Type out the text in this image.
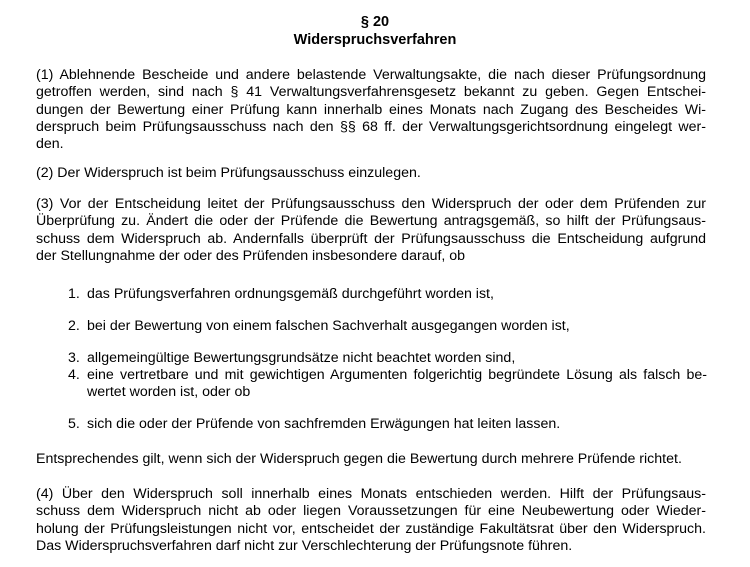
§ 20
Widerspruchsverfahren
(1) Ablehnende Bescheide und andere belastende Verwaltungsakte, die nach dieser Prüfungsordnung
getroffen werden, sind nach § 41 Verwaltungsverfahrensgesetz bekannt zu geben. Gegen Entschei-
dungen der Bewertung einer Prüfung kann innerhalb eines Monats nach Zugang des Bescheides Wi-
derspruch beim Prüfungsausschuss nach den §§ 68 ff. der Verwaltungsgerichtsordnung eingelegt wer-
den.
(2) Der Widerspruch ist beim Prüfungsausschuss einzulegen.
(3) Vor der Entscheidung leitet der Prüfungsausschuss den Widerspruch der oder dem Prüfenden zur
Überprüfung zu. Ändert die oder der Prüfende die Bewertung antragsgemäß, so hilft der Prüfungsaus-
schuss dem Widerspruch ab. Andernfalls überprüft der Prüfungsausschuss die Entscheidung aufgrund
der Stellungnahme der oder des Prüfenden insbesondere darauf, ob
1. das Prüfungsverfahren ordnungsgemäß durchgeführt worden ist,
2. bei der Bewertung von einem falschen Sachverhalt ausgegangen worden ist,
3. allgemeingültige Bewertungsgrundsätze nicht beachtet worden sind,
4. eine vertretbare und mit gewichtigen Argumenten folgerichtig begründete Lösung als falsch be-
wertet worden ist, oder ob
5. sich die oder der Prüfende von sachfremden Erwägungen hat leiten lassen.
Entsprechendes gilt, wenn sich der Widerspruch gegen die Bewertung durch mehrere Prüfende richtet.
(4) Über den Widerspruch soll innerhalb eines Monats entschieden werden. Hilft der Prüfungsaus-
schuss dem Widerspruch nicht ab oder liegen Voraussetzungen für eine Neubewertung oder Wieder-
holung der Prüfungsleistungen nicht vor, entscheidet der zuständige Fakultätsrat über den Widerspruch.
Das Widerspruchsverfahren darf nicht zur Verschlechterung der Prüfungsnote führen.
